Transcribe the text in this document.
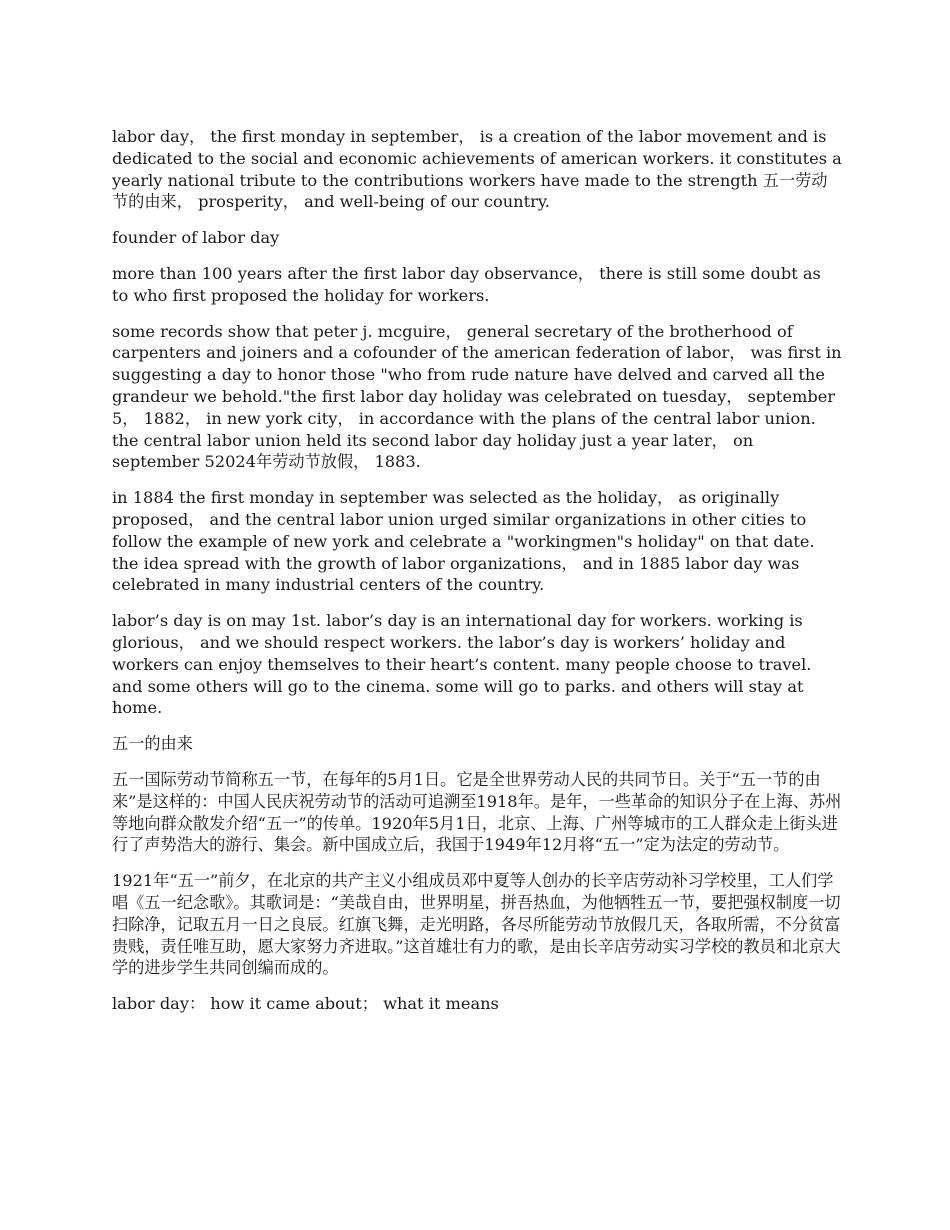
labor day， the first monday in september， is a creation of the labor movement and is dedicated to the social and economic achievements of american workers. it constitutes a yearly national tribute to the contributions workers have made to the strength 五一劳动节的由来， prosperity， and well-being of our country.

founder of labor day

more than 100 years after the first labor day observance， there is still some doubt as to who first proposed the holiday for workers.

some records show that peter j. mcguire， general secretary of the brotherhood of carpenters and joiners and a cofounder of the american federation of labor， was first in suggesting a day to honor those "who from rude nature have delved and carved all the grandeur we behold."the first labor day holiday was celebrated on tuesday， september 5， 1882， in new york city， in accordance with the plans of the central labor union. the central labor union held its second labor day holiday just a year later， on september 52024年劳动节放假， 1883.

in 1884 the first monday in september was selected as the holiday， as originally proposed， and the central labor union urged similar organizations in other cities to follow the example of new york and celebrate a "workingmen"s holiday" on that date. the idea spread with the growth of labor organizations， and in 1885 labor day was celebrated in many industrial centers of the country.

labor’s day is on may 1st. labor’s day is an international day for workers. working is glorious， and we should respect workers. the labor’s day is workers’ holiday and workers can enjoy themselves to their heart’s content. many people choose to travel. and some others will go to the cinema. some will go to parks. and others will stay at home.

五一的由来

五一国际劳动节简称五一节，在每年的5月1日。它是全世界劳动人民的共同节日。关于“五一节的由来”是这样的：中国人民庆祝劳动节的活动可追溯至1918年。是年，一些革命的知识分子在上海、苏州等地向群众散发介绍“五一”的传单。1920年5月1日，北京、上海、广州等城市的工人群众走上街头进行了声势浩大的游行、集会。新中国成立后，我国于1949年12月将“五一”定为法定的劳动节。

1921年“五一”前夕，在北京的共产主义小组成员邓中夏等人创办的长辛店劳动补习学校里，工人们学唱《五一纪念歌》。其歌词是：“美哉自由，世界明星，拼吾热血，为他牺牲五一节，要把强权制度一切扫除净，记取五月一日之良辰。红旗飞舞，走光明路，各尽所能劳动节放假几天，各取所需，不分贫富贵贱，责任唯互助，愿大家努力齐进取。”这首雄壮有力的歌，是由长辛店劳动实习学校的教员和北京大学的进步学生共同创编而成的。

labor day： how it came about； what it means
